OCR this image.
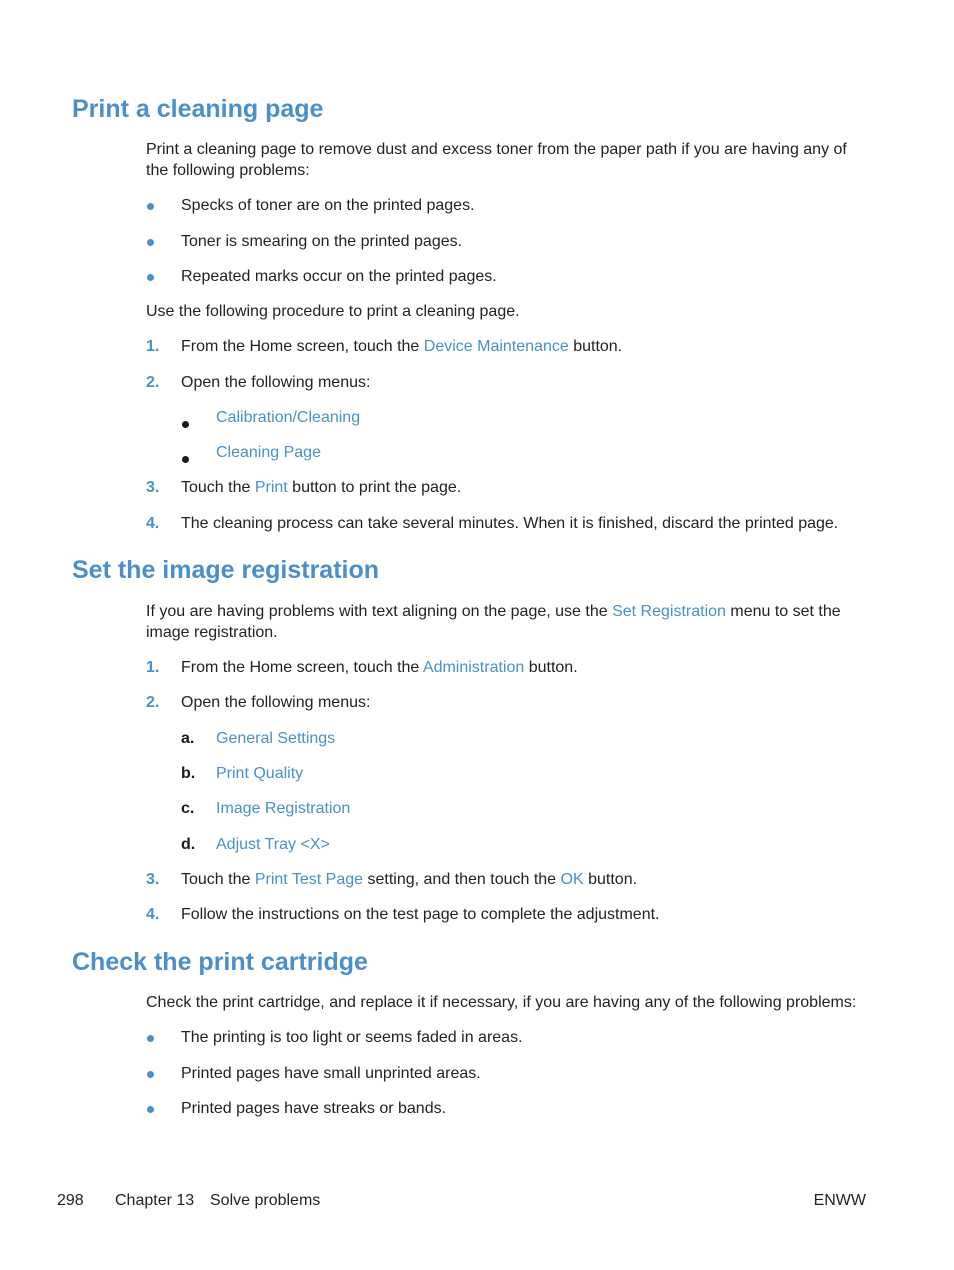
Print a cleaning page
Print a cleaning page to remove dust and excess toner from the paper path if you are having any of the following problems:
Specks of toner are on the printed pages.
Toner is smearing on the printed pages.
Repeated marks occur on the printed pages.
Use the following procedure to print a cleaning page.
1. From the Home screen, touch the Device Maintenance button.
2. Open the following menus:
Calibration/Cleaning
Cleaning Page
3. Touch the Print button to print the page.
4. The cleaning process can take several minutes. When it is finished, discard the printed page.
Set the image registration
If you are having problems with text aligning on the page, use the Set Registration menu to set the image registration.
1. From the Home screen, touch the Administration button.
2. Open the following menus:
a. General Settings
b. Print Quality
c. Image Registration
d. Adjust Tray <X>
3. Touch the Print Test Page setting, and then touch the OK button.
4. Follow the instructions on the test page to complete the adjustment.
Check the print cartridge
Check the print cartridge, and replace it if necessary, if you are having any of the following problems:
The printing is too light or seems faded in areas.
Printed pages have small unprinted areas.
Printed pages have streaks or bands.
298 Chapter 13 Solve problems	ENWW
